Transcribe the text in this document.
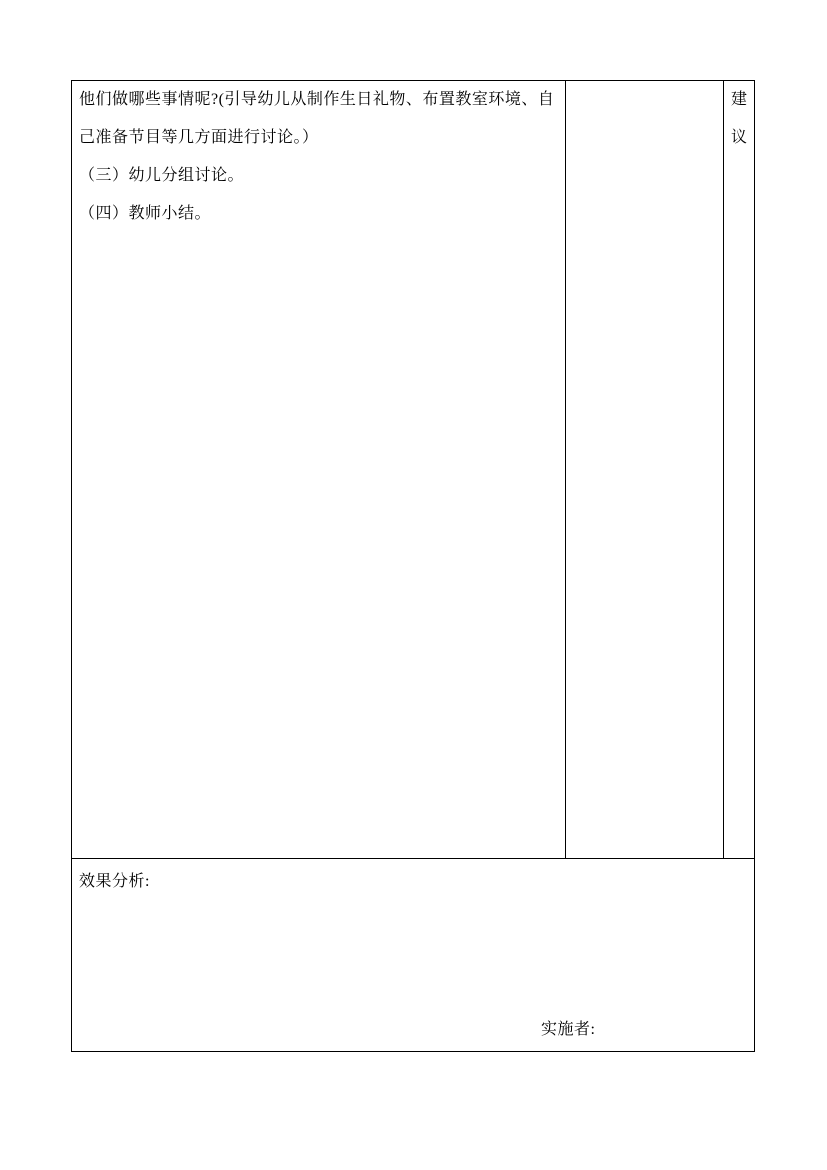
他们做哪些事情呢?(引导幼儿从制作生日礼物、布置教室环境、自己准备节目等几方面进行讨论。）

（三）幼儿分组讨论。

（四）教师小结。

建
议

效果分析:

实施者:
